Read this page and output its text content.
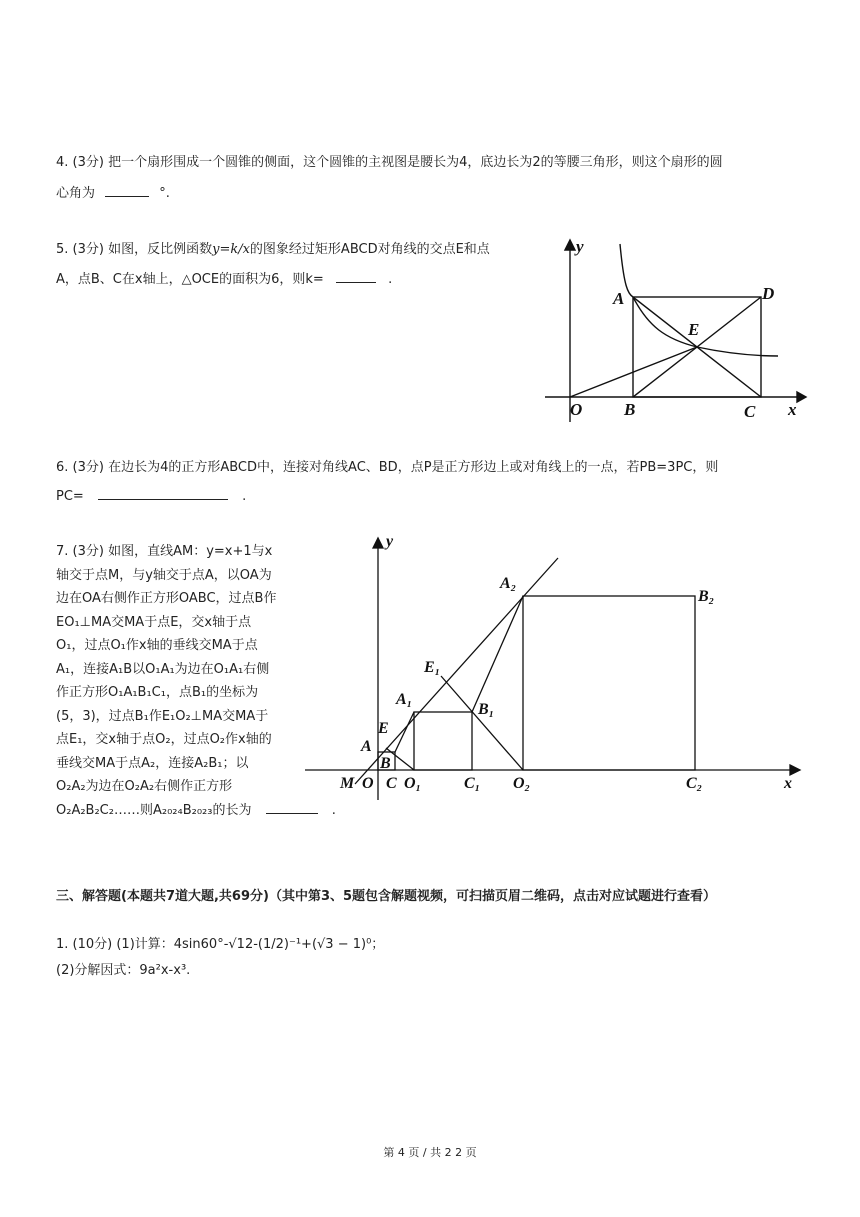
4. (3分) 把一个扇形围成一个圆锥的侧面，这个圆锥的主视图是腰长为4，底边长为2的等腰三角形，则这个扇形的圆
心角为	°.
5. (3分) 如图，反比例函数y=k/x的图象经过矩形ABCD对角线的交点E和点
A，点B、C在x轴上，△OCE的面积为6，则k=	.
y
A	D
E
O B	C x
6. (3分) 在边长为4的正方形ABCD中，连接对角线AC、BD，点P是正方形边上或对角线上的一点，若PB=3PC，则
PC=	.
7. (3分) 如图，直线AM：y=x+1与x
轴交于点M，与y轴交于点A，以OA为
边在OA右侧作正方形OABC，过点B作
EO₁⊥MA交MA于点E，交x轴于点
O₁，过点O₁作x轴的垂线交MA于点
A₁，连接A₁B以O₁A₁为边在O₁A₁右侧
作正方形O₁A₁B₁C₁，点B₁的坐标为
(5，3)，过点B₁作E₁O₂⊥MA交MA于
点E₁，交x轴于点O₂，过点O₂作x轴的
垂线交MA于点A₂，连接A₂B₁；以
O₂A₂为边在O₂A₂右侧作正方形
O₂A₂B₂C₂……则A₂₀₂₄B₂₀₂₃的长为	.
y
x
M O C
B
A
E
O₁	C₁ O₂	C₂
A₁
B₁
E₁
A₂
B₂
三、解答题(本题共7道大题,共69分)（其中第3、5题包含解题视频，可扫描页眉二维码，点击对应试题进行查看）
1. (10分) (1)计算：4sin60°-√12-(1/2)⁻¹+(√3 − 1)⁰；
(2)分解因式：9a²x-x³.
第 4 页 / 共 2 2 页
